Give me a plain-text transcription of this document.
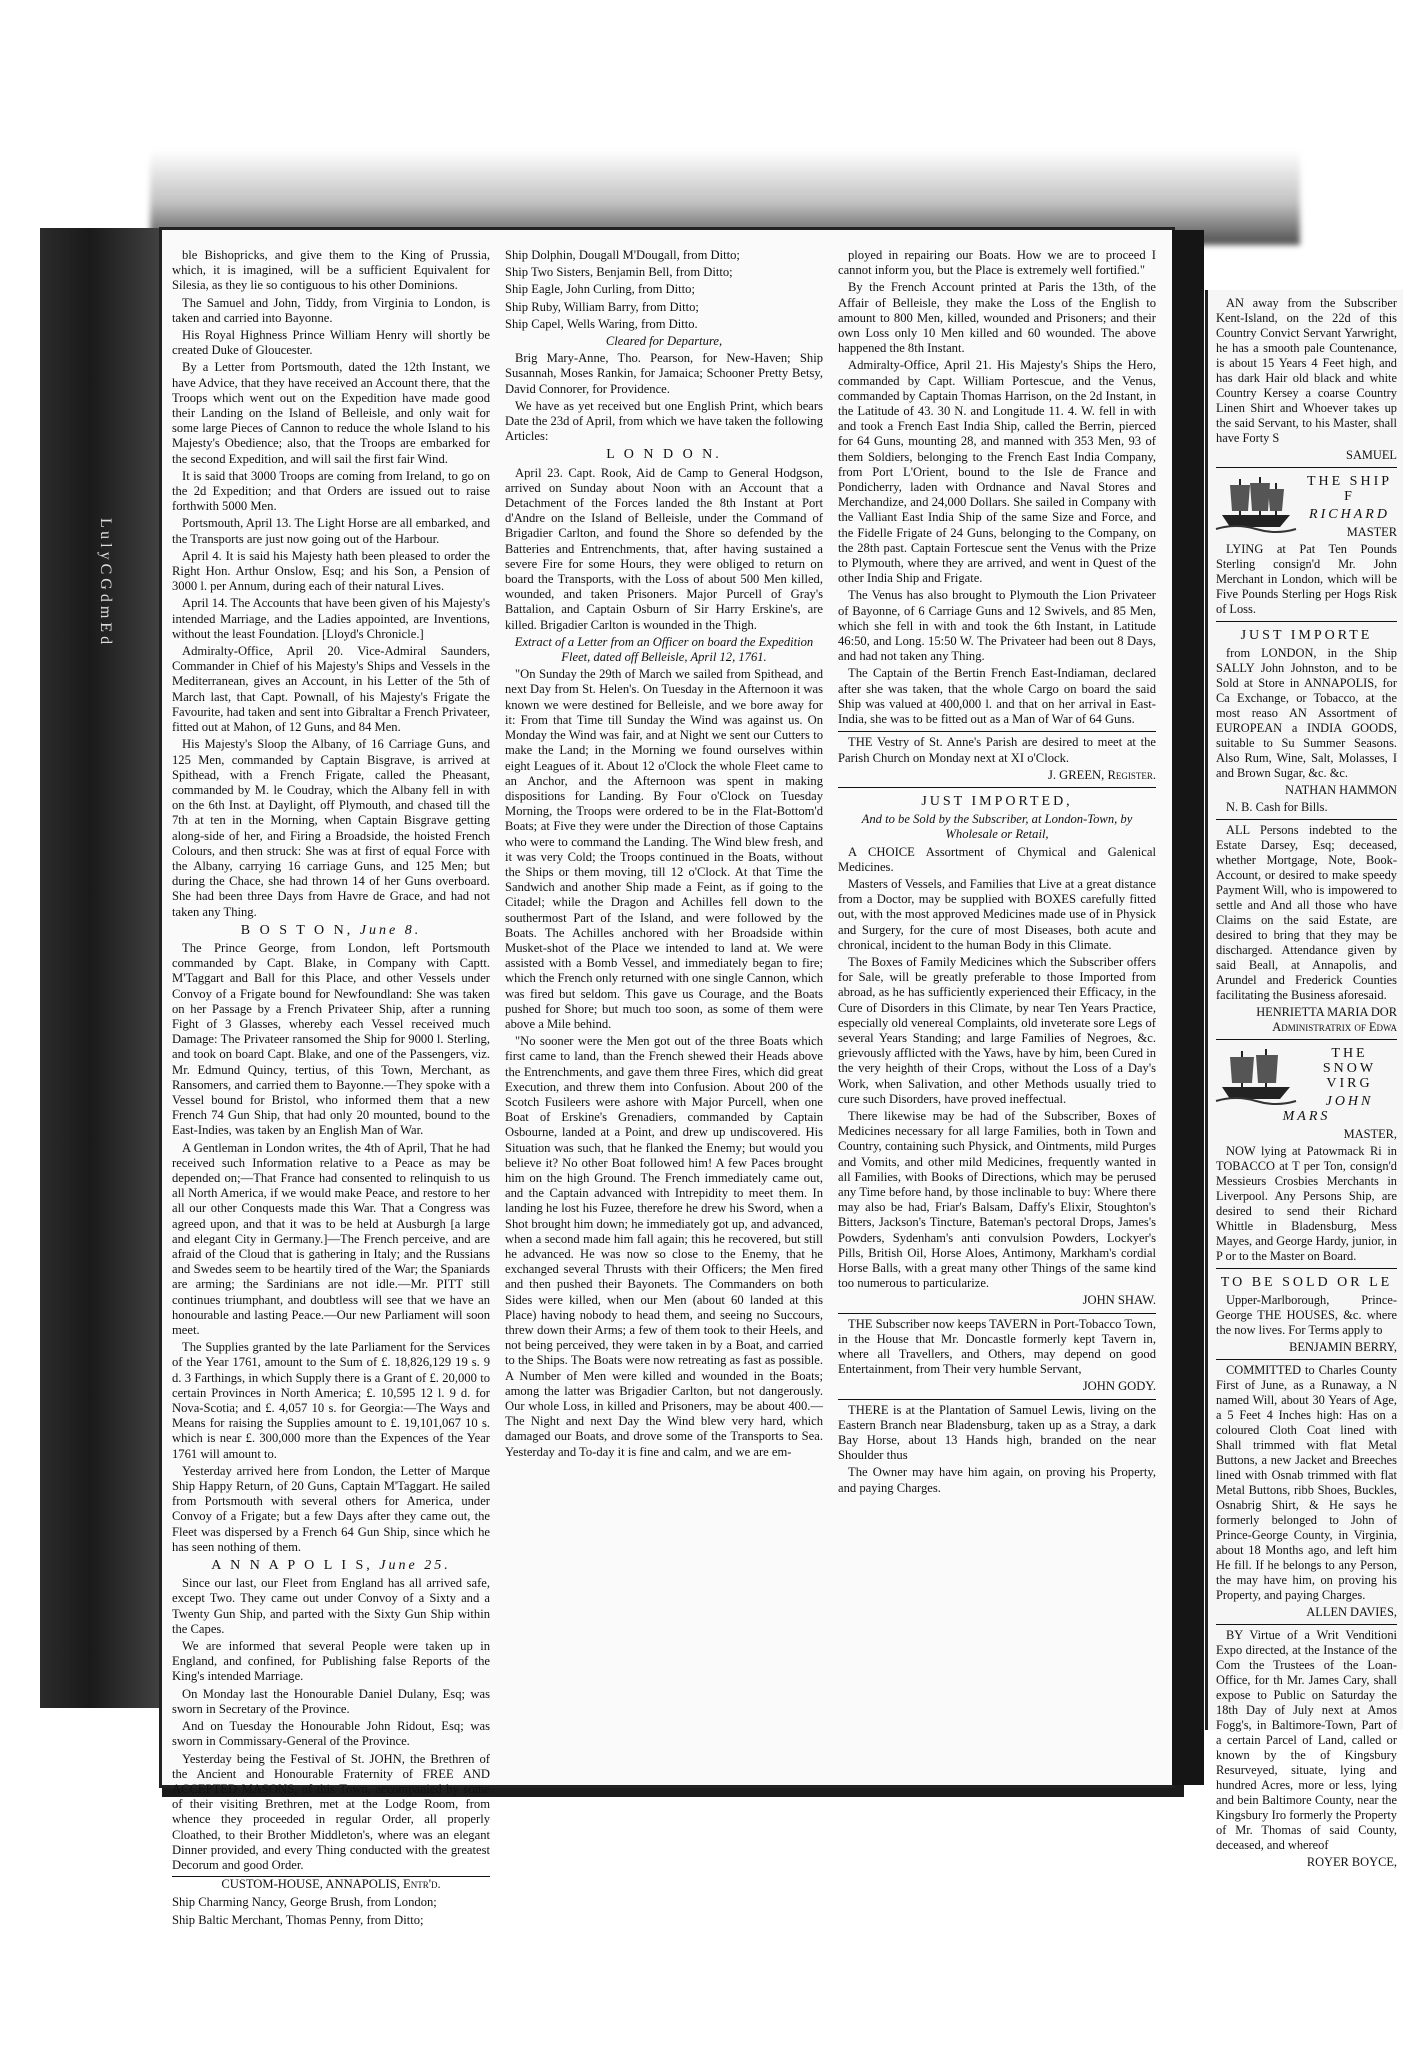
L u l y C G d m E d

ble Bishopricks, and give them to the King of Prussia, which, it is imagined, will be a sufficient Equivalent for Silesia, as they lie so contiguous to his other Dominions.

The Samuel and John, Tiddy, from Virginia to London, is taken and carried into Bayonne.

His Royal Highness Prince William Henry will shortly be created Duke of Gloucester.

By a Letter from Portsmouth, dated the 12th Instant, we have Advice, that they have received an Account there, that the Troops which went out on the Expedition have made good their Landing on the Island of Belleisle, and only wait for some large Pieces of Cannon to reduce the whole Island to his Majesty's Obedience; also, that the Troops are embarked for the second Expedition, and will sail the first fair Wind.

It is said that 3000 Troops are coming from Ireland, to go on the 2d Expedition; and that Orders are issued out to raise forthwith 5000 Men.

Portsmouth, April 13. The Light Horse are all embarked, and the Transports are just now going out of the Harbour.

April 4. It is said his Majesty hath been pleased to order the Right Hon. Arthur Onslow, Esq; and his Son, a Pension of 3000 l. per Annum, during each of their natural Lives.

April 14. The Accounts that have been given of his Majesty's intended Marriage, and the Ladies appointed, are Inventions, without the least Foundation. [Lloyd's Chronicle.]

Admiralty-Office, April 20. Vice-Admiral Saunders, Commander in Chief of his Majesty's Ships and Vessels in the Mediterranean, gives an Account, in his Letter of the 5th of March last, that Capt. Pownall, of his Majesty's Frigate the Favourite, had taken and sent into Gibraltar a French Privateer, fitted out at Mahon, of 12 Guns, and 84 Men.

His Majesty's Sloop the Albany, of 16 Carriage Guns, and 125 Men, commanded by Captain Bisgrave, is arrived at Spithead, with a French Frigate, called the Pheasant, commanded by M. le Coudray, which the Albany fell in with on the 6th Inst. at Daylight, off Plymouth, and chased till the 7th at ten in the Morning, when Captain Bisgrave getting along-side of her, and Firing a Broadside, the hoisted French Colours, and then struck: She was at first of equal Force with the Albany, carrying 16 carriage Guns, and 125 Men; but during the Chace, she had thrown 14 of her Guns overboard. She had been three Days from Havre de Grace, and had not taken any Thing.

B O S T O N, June 8.

The Prince George, from London, left Portsmouth commanded by Capt. Blake, in Company with Captt. M'Taggart and Ball for this Place, and other Vessels under Convoy of a Frigate bound for Newfoundland: She was taken on her Passage by a French Privateer Ship, after a running Fight of 3 Glasses, whereby each Vessel received much Damage: The Privateer ransomed the Ship for 9000 l. Sterling, and took on board Capt. Blake, and one of the Passengers, viz. Mr. Edmund Quincy, tertius, of this Town, Merchant, as Ransomers, and carried them to Bayonne.—They spoke with a Vessel bound for Bristol, who informed them that a new French 74 Gun Ship, that had only 20 mounted, bound to the East-Indies, was taken by an English Man of War.

A Gentleman in London writes, the 4th of April, That he had received such Information relative to a Peace as may be depended on;—That France had consented to relinquish to us all North America, if we would make Peace, and restore to her all our other Conquests made this War. That a Congress was agreed upon, and that it was to be held at Ausburgh [a large and elegant City in Germany.]—The French perceive, and are afraid of the Cloud that is gathering in Italy; and the Russians and Swedes seem to be heartily tired of the War; the Spaniards are arming; the Sardinians are not idle.—Mr. PITT still continues triumphant, and doubtless will see that we have an honourable and lasting Peace.—Our new Parliament will soon meet.

The Supplies granted by the late Parliament for the Services of the Year 1761, amount to the Sum of £. 18,826,129 19 s. 9 d. 3 Farthings, in which Supply there is a Grant of £. 20,000 to certain Provinces in North America; £. 10,595 12 l. 9 d. for Nova-Scotia; and £. 4,057 10 s. for Georgia:—The Ways and Means for raising the Supplies amount to £. 19,101,067 10 s. which is near £. 300,000 more than the Expences of the Year 1761 will amount to.

Yesterday arrived here from London, the Letter of Marque Ship Happy Return, of 20 Guns, Captain M'Taggart. He sailed from Portsmouth with several others for America, under Convoy of a Frigate; but a few Days after they came out, the Fleet was dispersed by a French 64 Gun Ship, since which he has seen nothing of them.

A N N A P O L I S, June 25.

Since our last, our Fleet from England has all arrived safe, except Two. They came out under Convoy of a Sixty and a Twenty Gun Ship, and parted with the Sixty Gun Ship within the Capes.

We are informed that several People were taken up in England, and confined, for Publishing false Reports of the King's intended Marriage.

On Monday last the Honourable Daniel Dulany, Esq; was sworn in Secretary of the Province.

And on Tuesday the Honourable John Ridout, Esq; was sworn in Commissary-General of the Province.

Yesterday being the Festival of St. JOHN, the Brethren of the Ancient and Honourable Fraternity of FREE AND ACCEPTED MASONS, of this Town, accompanied by some of their visiting Brethren, met at the Lodge Room, from whence they proceeded in regular Order, all properly Cloathed, to their Brother Middleton's, where was an elegant Dinner provided, and every Thing conducted with the greatest Decorum and good Order.

CUSTOM-HOUSE, ANNAPOLIS, Entr'd.

Ship Charming Nancy, George Brush, from London;

Ship Baltic Merchant, Thomas Penny, from Ditto;

Ship Dolphin, Dougall M'Dougall, from Ditto;

Ship Two Sisters, Benjamin Bell, from Ditto;

Ship Eagle, John Curling, from Ditto;

Ship Ruby, William Barry, from Ditto;

Ship Capel, Wells Waring, from Ditto.

Cleared for Departure,

Brig Mary-Anne, Tho. Pearson, for New-Haven; Ship Susannah, Moses Rankin, for Jamaica; Schooner Pretty Betsy, David Connorer, for Providence.

We have as yet received but one English Print, which bears Date the 23d of April, from which we have taken the following Articles:

L O N D O N.

April 23. Capt. Rook, Aid de Camp to General Hodgson, arrived on Sunday about Noon with an Account that a Detachment of the Forces landed the 8th Instant at Port d'Andre on the Island of Belleisle, under the Command of Brigadier Carlton, and found the Shore so defended by the Batteries and Entrenchments, that, after having sustained a severe Fire for some Hours, they were obliged to return on board the Transports, with the Loss of about 500 Men killed, wounded, and taken Prisoners. Major Purcell of Gray's Battalion, and Captain Osburn of Sir Harry Erskine's, are killed. Brigadier Carlton is wounded in the Thigh.

Extract of a Letter from an Officer on board the Expedition Fleet, dated off Belleisle, April 12, 1761.

"On Sunday the 29th of March we sailed from Spithead, and next Day from St. Helen's. On Tuesday in the Afternoon it was known we were destined for Belleisle, and we bore away for it: From that Time till Sunday the Wind was against us. On Monday the Wind was fair, and at Night we sent our Cutters to make the Land; in the Morning we found ourselves within eight Leagues of it. About 12 o'Clock the whole Fleet came to an Anchor, and the Afternoon was spent in making dispositions for Landing. By Four o'Clock on Tuesday Morning, the Troops were ordered to be in the Flat-Bottom'd Boats; at Five they were under the Direction of those Captains who were to command the Landing. The Wind blew fresh, and it was very Cold; the Troops continued in the Boats, without the Ships or them moving, till 12 o'Clock. At that Time the Sandwich and another Ship made a Feint, as if going to the Citadel; while the Dragon and Achilles fell down to the southermost Part of the Island, and were followed by the Boats. The Achilles anchored with her Broadside within Musket-shot of the Place we intended to land at. We were assisted with a Bomb Vessel, and immediately began to fire; which the French only returned with one single Cannon, which was fired but seldom. This gave us Courage, and the Boats pushed for Shore; but much too soon, as some of them were above a Mile behind.

"No sooner were the Men got out of the three Boats which first came to land, than the French shewed their Heads above the Entrenchments, and gave them three Fires, which did great Execution, and threw them into Confusion. About 200 of the Scotch Fusileers were ashore with Major Purcell, when one Boat of Erskine's Grenadiers, commanded by Captain Osbourne, landed at a Point, and drew up undiscovered. His Situation was such, that he flanked the Enemy; but would you believe it? No other Boat followed him! A few Paces brought him on the high Ground. The French immediately came out, and the Captain advanced with Intrepidity to meet them. In landing he lost his Fuzee, therefore he drew his Sword, when a Shot brought him down; he immediately got up, and advanced, when a second made him fall again; this he recovered, but still he advanced. He was now so close to the Enemy, that he exchanged several Thrusts with their Officers; the Men fired and then pushed their Bayonets. The Commanders on both Sides were killed, when our Men (about 60 landed at this Place) having nobody to head them, and seeing no Succours, threw down their Arms; a few of them took to their Heels, and not being perceived, they were taken in by a Boat, and carried to the Ships. The Boats were now retreating as fast as possible. A Number of Men were killed and wounded in the Boats; among the latter was Brigadier Carlton, but not dangerously. Our whole Loss, in killed and Prisoners, may be about 400.—The Night and next Day the Wind blew very hard, which damaged our Boats, and drove some of the Transports to Sea. Yesterday and To-day it is fine and calm, and we are em-

ployed in repairing our Boats. How we are to proceed I cannot inform you, but the Place is extremely well fortified."

By the French Account printed at Paris the 13th, of the Affair of Belleisle, they make the Loss of the English to amount to 800 Men, killed, wounded and Prisoners; and their own Loss only 10 Men killed and 60 wounded. The above happened the 8th Instant.

Admiralty-Office, April 21. His Majesty's Ships the Hero, commanded by Capt. William Portescue, and the Venus, commanded by Captain Thomas Harrison, on the 2d Instant, in the Latitude of 43. 30 N. and Longitude 11. 4. W. fell in with and took a French East India Ship, called the Berrin, pierced for 64 Guns, mounting 28, and manned with 353 Men, 93 of them Soldiers, belonging to the French East India Company, from Port L'Orient, bound to the Isle de France and Pondicherry, laden with Ordnance and Naval Stores and Merchandize, and 24,000 Dollars. She sailed in Company with the Valliant East India Ship of the same Size and Force, and the Fidelle Frigate of 24 Guns, belonging to the Company, on the 28th past. Captain Fortescue sent the Venus with the Prize to Plymouth, where they are arrived, and went in Quest of the other India Ship and Frigate.

The Venus has also brought to Plymouth the Lion Privateer of Bayonne, of 6 Carriage Guns and 12 Swivels, and 85 Men, which she fell in with and took the 6th Instant, in Latitude 46:50, and Long. 15:50 W. The Privateer had been out 8 Days, and had not taken any Thing.

The Captain of the Bertin French East-Indiaman, declared after she was taken, that the whole Cargo on board the said Ship was valued at 400,000 l. and that on her arrival in East-India, she was to be fitted out as a Man of War of 64 Guns.

THE Vestry of St. Anne's Parish are desired to meet at the Parish Church on Monday next at XI o'Clock.

J. GREEN, Register.

JUST IMPORTED,

And to be Sold by the Subscriber, at London-Town, by Wholesale or Retail,

A CHOICE Assortment of Chymical and Galenical Medicines.

Masters of Vessels, and Families that Live at a great distance from a Doctor, may be supplied with BOXES carefully fitted out, with the most approved Medicines made use of in Physick and Surgery, for the cure of most Diseases, both acute and chronical, incident to the human Body in this Climate.

The Boxes of Family Medicines which the Subscriber offers for Sale, will be greatly preferable to those Imported from abroad, as he has sufficiently experienced their Efficacy, in the Cure of Disorders in this Climate, by near Ten Years Practice, especially old venereal Complaints, old inveterate sore Legs of several Years Standing; and large Families of Negroes, &c. grievously afflicted with the Yaws, have by him, been Cured in the very heighth of their Crops, without the Loss of a Day's Work, when Salivation, and other Methods usually tried to cure such Disorders, have proved ineffectual.

There likewise may be had of the Subscriber, Boxes of Medicines necessary for all large Families, both in Town and Country, containing such Physick, and Ointments, mild Purges and Vomits, and other mild Medicines, frequently wanted in all Families, with Books of Directions, which may be perused any Time before hand, by those inclinable to buy: Where there may also be had, Friar's Balsam, Daffy's Elixir, Stoughton's Bitters, Jackson's Tincture, Bateman's pectoral Drops, James's Powders, Sydenham's anti convulsion Powders, Lockyer's Pills, British Oil, Horse Aloes, Antimony, Markham's cordial Horse Balls, with a great many other Things of the same kind too numerous to particularize.

JOHN SHAW.

THE Subscriber now keeps TAVERN in Port-Tobacco Town, in the House that Mr. Doncastle formerly kept Tavern in, where all Travellers, and Others, may depend on good Entertainment, from Their very humble Servant,

JOHN GODY.

THERE is at the Plantation of Samuel Lewis, living on the Eastern Branch near Bladensburg, taken up as a Stray, a dark Bay Horse, about 13 Hands high, branded on the near Shoulder thus

The Owner may have him again, on proving his Property, and paying Charges.

AN away from the Subscriber Kent-Island, on the 22d of this Country Convict Servant Yarwright, he has a smooth pale Countenance, is about 15 Years 4 Feet high, and has dark Hair old black and white Country Kersey a coarse Country Linen Shirt and Whoever takes up the said Servant, to his Master, shall have Forty S

SAMUEL

THE SHIP F

RICHARD

MASTER

LYING at Pat Ten Pounds Sterling consign'd Mr. John Merchant in London, which will be Five Pounds Sterling per Hogs Risk of Loss.

JUST IMPORTE

from LONDON, in the Ship SALLY John Johnston, and to be Sold at Store in ANNAPOLIS, for Ca Exchange, or Tobacco, at the most reaso AN Assortment of EUROPEAN a INDIA GOODS, suitable to Su Summer Seasons. Also Rum, Wine, Salt, Molasses, I and Brown Sugar, &c. &c.

NATHAN HAMMON

N. B. Cash for Bills.

ALL Persons indebted to the Estate Darsey, Esq; deceased, whether Mortgage, Note, Book-Account, or desired to make speedy Payment Will, who is impowered to settle and And all those who have Claims on the said Estate, are desired to bring that they may be discharged. Attendance given by said Beall, at Annapolis, and Arundel and Frederick Counties facilitating the Business aforesaid.

HENRIETTA MARIA DOR Administratrix of Edwa

THE SNOW VIRG

JOHN MARS

MASTER,

NOW lying at Patowmack Ri in TOBACCO at T per Ton, consign'd Messieurs Crosbies Merchants in Liverpool. Any Persons Ship, are desired to send their Richard Whittle in Bladensburg, Mess Mayes, and George Hardy, junior, in P or to the Master on Board.

TO BE SOLD OR LE

Upper-Marlborough, Prince-George THE HOUSES, &c. where the now lives. For Terms apply to

BENJAMIN BERRY,

COMMITTED to Charles County First of June, as a Runaway, a N named Will, about 30 Years of Age, a 5 Feet 4 Inches high: Has on a coloured Cloth Coat lined with Shall trimmed with flat Metal Buttons, a new Jacket and Breeches lined with Osnab trimmed with flat Metal Buttons, ribb Shoes, Buckles, Osnabrig Shirt, & He says he formerly belonged to John of Prince-George County, in Virginia, about 18 Months ago, and left him He fill. If he belongs to any Person, the may have him, on proving his Property, and paying Charges.

ALLEN DAVIES,

BY Virtue of a Writ Venditioni Expo directed, at the Instance of the Com the Trustees of the Loan-Office, for th Mr. James Cary, shall expose to Public on Saturday the 18th Day of July next at Amos Fogg's, in Baltimore-Town, Part of a certain Parcel of Land, called or known by the of Kingsbury Resurveyed, situate, lying and hundred Acres, more or less, lying and bein Baltimore County, near the Kingsbury Iro formerly the Property of Mr. Thomas of said County, deceased, and whereof

ROYER BOYCE,
